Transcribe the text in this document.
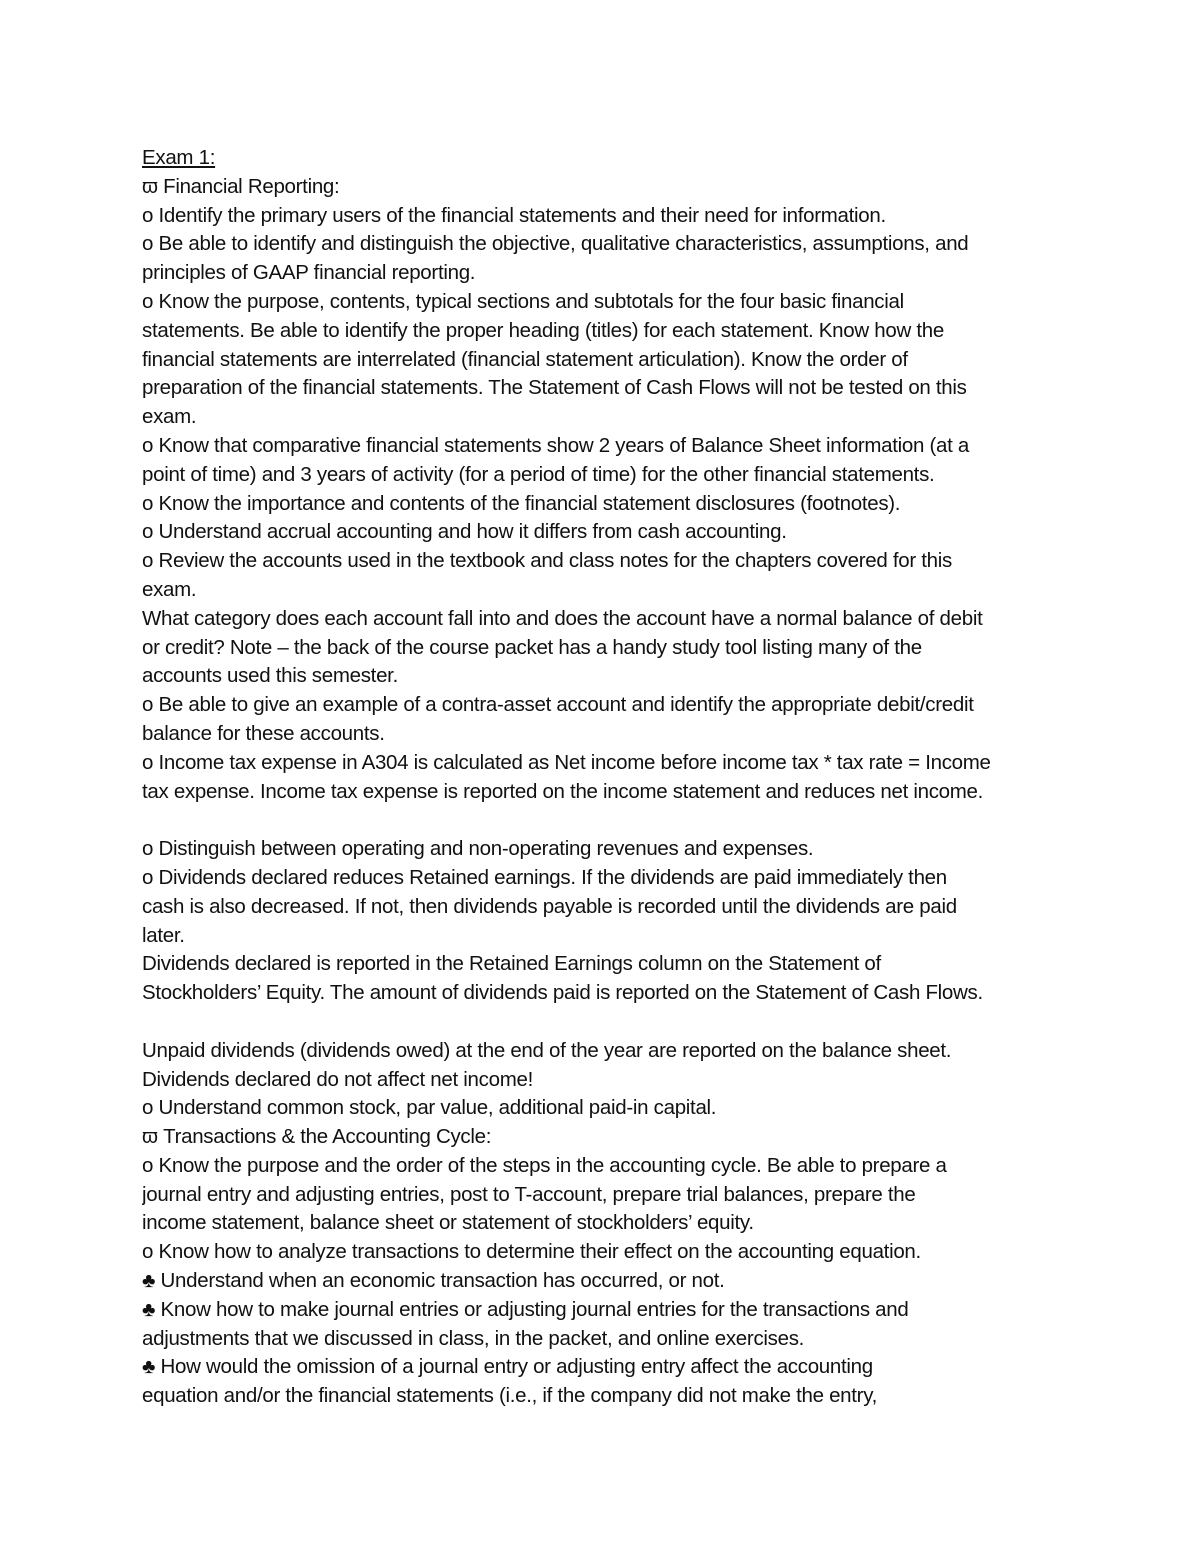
Exam 1:
ϖ Financial Reporting:
o Identify the primary users of the financial statements and their need for information.
o Be able to identify and distinguish the objective, qualitative characteristics, assumptions, and
principles of GAAP financial reporting.
o Know the purpose, contents, typical sections and subtotals for the four basic financial
statements. Be able to identify the proper heading (titles) for each statement. Know how the
financial statements are interrelated (financial statement articulation). Know the order of
preparation of the financial statements. The Statement of Cash Flows will not be tested on this
exam.
o Know that comparative financial statements show 2 years of Balance Sheet information (at a
point of time) and 3 years of activity (for a period of time) for the other financial statements.
o Know the importance and contents of the financial statement disclosures (footnotes).
o Understand accrual accounting and how it differs from cash accounting.
o Review the accounts used in the textbook and class notes for the chapters covered for this
exam.
What category does each account fall into and does the account have a normal balance of debit
or credit? Note – the back of the course packet has a handy study tool listing many of the
accounts used this semester.
o Be able to give an example of a contra-asset account and identify the appropriate debit/credit
balance for these accounts.
o Income tax expense in A304 is calculated as Net income before income tax * tax rate = Income
tax expense. Income tax expense is reported on the income statement and reduces net income.
o Distinguish between operating and non-operating revenues and expenses.
o Dividends declared reduces Retained earnings. If the dividends are paid immediately then
cash is also decreased. If not, then dividends payable is recorded until the dividends are paid
later.
Dividends declared is reported in the Retained Earnings column on the Statement of
Stockholders’ Equity. The amount of dividends paid is reported on the Statement of Cash Flows.
Unpaid dividends (dividends owed) at the end of the year are reported on the balance sheet.
Dividends declared do not affect net income!
o Understand common stock, par value, additional paid-in capital.
ϖ Transactions & the Accounting Cycle:
o Know the purpose and the order of the steps in the accounting cycle. Be able to prepare a
journal entry and adjusting entries, post to T-account, prepare trial balances, prepare the
income statement, balance sheet or statement of stockholders’ equity.
o Know how to analyze transactions to determine their effect on the accounting equation.
♣ Understand when an economic transaction has occurred, or not.
♣ Know how to make journal entries or adjusting journal entries for the transactions and
adjustments that we discussed in class, in the packet, and online exercises.
♣ How would the omission of a journal entry or adjusting entry affect the accounting
equation and/or the financial statements (i.e., if the company did not make the entry,
